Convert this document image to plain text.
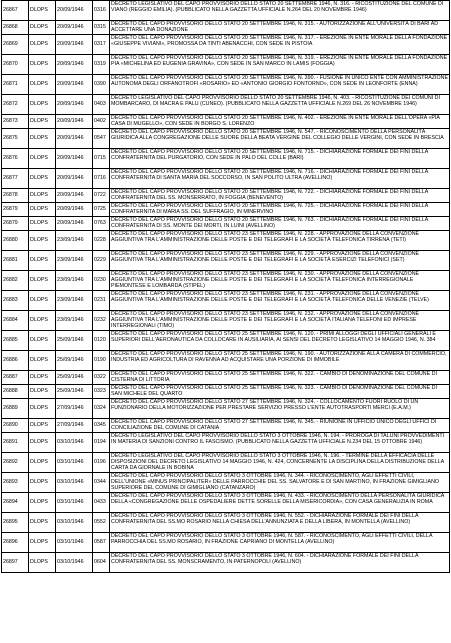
26867	DLOPS	20/09/1946	0316	DECRETO LEGISLATIVO DEL CAPO PROVVISORIO DELLO STATO 20 SETTEMBRE 1946, N. 316. - RICOSTITUZIONE DEL COMUNE DI VIANO (REGGIO EMILIA). (PUBBLICATO NELLA GAZZETTA UFFICIALE N.264 DEL 20 NOVEMBRE 1946)
26868	DLOPS	20/09/1946	0315	DECRETO DEL CAPO PROVVISORIO DELLO STATO 20 SETTEMBRE 1946, N. 315. - AUTORIZZAZIONE ALL'UNIVERSITÀ DI BARI AD ACCETTARE UNA DONAZIONE
26869	DLOPS	20/09/1946	0317	DECRETO DEL CAPO PROVVISORIO DELLO STATO 20 SETTEMBRE 1946, N. 317. - EREZIONE IN ENTE MORALE DELLA FONDAZIONE «GIUSEPPE VIVIANI», PROMOSSA DA TINTI ABENACCHI, CON SEDE IN PISTOIA
26870	DLOPS	20/09/1946	0319	DECRETO DEL CAPO PROVVISORIO DELLO STATO 20 SETTEMBRE 1946, N. 319. - EREZIONE IN ENTE MORALE DELLA FONDAZIONE PIA «MICHELINA ED EUGENIA GRAVINA», CON SEDE IN SAN MARCO IN LAMIS (FOGGIA)
26871	DLOPS	20/09/1946	0390	DECRETO DEL CAPO PROVVISORIO DELLO STATO 20 SETTEMBRE 1946, N. 390. - FUSIONE IN UNICO ENTE CON AMMINISTRAZIONE AUTONOMA DEGLI ORFANOTROFI «ROSARIO» ED «ANTONIO GIORGIO FONTORNO», CON SEDE IN LEONFORTE (ENNA)
26872	DLOPS	20/09/1946	0403	DECRETO LEGISLATIVO DEL CAPO PROVVISORIO DELLO STATO 20 SETTEMBRE 1946, N. 403. - RICOSTITUZIONE DEI COMUNI DI MOMBARCARO, DI MACRA E PALU (CUNEO). (PUBBLICATO NELLA GAZZETTA UFFICIALE N.269 DEL 26 NOVEMBRE 1946)
26873	DLOPS	20/09/1946	0402	DECRETO DEL CAPO PROVVISORIO DELLO STATO 20 SETTEMBRE 1946, N. 402. - EREZIONE IN ENTE MORALE DELL'OPERA «PIA CASA DI MUGELLO», CON SEDE IN BORGO S. LORENZO
26875	DLOPS	20/09/1946	0547	DECRETO DEL CAPO PROVVISORIO DELLO STATO 20 SETTEMBRE 1946, N. 547. - RICONOSCIMENTO DELLA PERSONALITÀ GIURIDICA ALLA CONGREGAZIONE DELLE SUORE DELLA BEATA VERGINE DEL COLLEGIO DELLE VERGINI, CON SEDE IN BRESCIA
26876	DLOPS	20/09/1946	0715	DECRETO DEL CAPO PROVVISORIO DELLO STATO 20 SETTEMBRE 1946, N. 715. - DICHIARAZIONE FORMALE DEI FINI DELLA CONFRATERNITA DEL PURGATORIO, CON SEDE IN PALO DEL COLLE (BARI)
26877	DLOPS	20/09/1946	0716	DECRETO DEL CAPO PROVVISORIO DELLO STATO 20 SETTEMBRE 1946, N. 716. - DICHIARAZIONE FORMALE DEI FINI DELLA CONFRATERNITA DI SANTA MARIA DEL SOCCORSO, IN SAN POLITO ULTRA (AVELLINO)
26878	DLOPS	20/09/1946	0722	DECRETO DEL CAPO PROVVISORIO DELLO STATO 20 SETTEMBRE 1946, N. 722. - DICHIARAZIONE FORMALE DEI FINI DELLA CONFRATERNITA DEL SS. MONSERRATO, IN FOGGIA (BENEVENTO)
26879	DLOPS	20/09/1946	0725	DECRETO DEL CAPO PROVVISORIO DELLO STATO 20 SETTEMBRE 1946, N. 725. - DICHIARAZIONE FORMALE DEI FINI DELLA CONFRATERNITA DI MARIA SS. DEL SUFFRAGIO, IN MINERVINO
26879	DLOPS	20/09/1946	0763	DECRETO DEL CAPO PROVVISORIO DELLO STATO 20 SETTEMBRE 1946, N. 763. - DICHIARAZIONE FORMALE DEI FINI DELLA CONFRATERNITA DI SS. MONTE DEI MORTI, IN LUINI (AVELLINO)
26880	DLOPS	23/09/1946	0228	DECRETO DEL CAPO PROVVISORIO DELLO STATO 23 SETTEMBRE 1946, N. 228. - APPROVAZIONE DELLA CONVENZIONE AGGIUNTIVA TRA L'AMMINISTRAZIONE DELLE POSTE E DEI TELEGRAFI E LA SOCIETÀ TELEFONICA TIRRENA (TETI)
26881	DLOPS	23/09/1946	0229	DECRETO DEL CAPO PROVVISORIO DELLO STATO 23 SETTEMBRE 1946, N. 229. - APPROVAZIONE DELLA CONVENZIONE AGGIUNTIVA TRA L'AMMINISTRAZIONE DELLE POSTE E DEI TELEGRAFI E LA SOCIETÀ ESERCIZI TELEFONICI (SET)
26882	DLOPS	23/09/1946	0230	DECRETO DEL CAPO PROVVISORIO DELLO STATO 23 SETTEMBRE 1946, N. 230. - APPROVAZIONE DELLA CONVENZIONE AGGIUNTIVA TRA L'AMMINISTRAZIONE DELLE POSTE E DEI TELEGRAFI E LA SOCIETÀ TELEFONICA INTERREGIONALE PIEMONTESE E LOMBARDA (STIPEL)
26883	DLOPS	23/09/1946	0231	DECRETO DEL CAPO PROVVISORIO DELLO STATO 23 SETTEMBRE 1946, N. 231. - APPROVAZIONE DELLA CONVENZIONE AGGIUNTIVA TRA L'AMMINISTRAZIONE DELLE POSTE E DEI TELEGRAFI E LA SOCIETÀ TELEFONICA DELLE VENEZIE (TELVE)
26884	DLOPS	23/09/1946	0232	DECRETO DEL CAPO PROVVISORIO DELLO STATO 23 SETTEMBRE 1946, N. 232. - APPROVAZIONE DELLA CONVENZIONE AGGIUNTIVA TRA L'AMMINISTRAZIONE DELLE POSTE E DEI TELEGRAFI E LA SOCIETÀ ITALIANA TELEFONI ED IMPRESE INTERREGIONALI (TIMO)
26885	DLOPS	25/09/1946	0120	DECRETO DEL CAPO PROVVISORIO DELLO STATO 25 SETTEMBRE 1946, N. 120. - PRIMI ALLOGGI DEGLI UFFICIALI GENERALI E SUPERIORI DELL'AERONAUTICA DA COLLOCARE IN AUSILIARIA, AI SENSI DEL DECRETO LEGISLATIVO 14 MAGGIO 1946, N. 384
26886	DLOPS	25/09/1946	0190	DECRETO DEL CAPO PROVVISORIO DELLO STATO 25 SETTEMBRE 1946, N. 190. - AUTORIZZAZIONE ALLA CAMERA DI COMMERCIO, INDUSTRIA ED AGRICOLTURA DI RAVENNA AD ACQUISTARE UNA PORZIONE DI IMMOBILE
26887	DLOPS	25/09/1946	0322	DECRETO DEL CAPO PROVVISORIO DELLO STATO 25 SETTEMBRE 1946, N. 322. - CAMBIO DI DENOMINAZIONE DEL COMUNE DI CISTERNA DI LITTORIA
26888	DLOPS	25/09/1946	0323	DECRETO DEL CAPO PROVVISORIO DELLO STATO 25 SETTEMBRE 1946, N. 323. - CAMBIO DI DENOMINAZIONE DEL COMUNE DI SAN MICHELE DEL QUARTO
26889	DLOPS	27/09/1946	0324	DECRETO DEL CAPO PROVVISORIO DELLO STATO 27 SETTEMBRE 1946, N. 324. - COLLOCAMENTO FUORI RUOLO DI UN FUNZIONARIO DELLA MOTORIZZAZIONE PER PRESTARE SERVIZIO PRESSO L'ENTE AUTOTRASPORTI MERCI (E.A.M.)
26890	DLOPS	27/09/1946	0345	DECRETO DEL CAPO PROVVISORIO DELLO STATO 27 SETTEMBRE 1946, N. 345. - RIUNIONE IN UFFICIO UNICO DEGLI UFFICI DI CONCILIAZIONE DEL COMUNE DI CATANIA
26891	DLOPS	03/10/1946	0194	DECRETO LEGISLATIVO DEL CAPO PROVVISORIO DELLO STATO 3 OTTOBRE 1946, N. 194. - PROROGA DI TALUNI PROVVEDIMENTI IN MATERIA DI SANZIONI CONTRO IL FASCISMO. (PUBBLICATO NELLA GAZZETTA UFFICIALE N.234 DEL 15 OTTOBRE 1946)
26892	DLOPS	03/10/1946	0196	DECRETO LEGISLATIVO DEL CAPO PROVVISORIO DELLO STATO 3 OTTOBRE 1946, N. 196. - TERMINE DELLA EFFICACIA DELLE DISPOSIZIONI DEL DECRETO LEGISLATIVO 14 MAGGIO 1946, N. 424, CONCERNENTE LA DISCIPLINA DELLA DISTRIBUZIONE DELLA CARTA DA GIORNALE IN BOBINA
26893	DLOPS	03/10/1946	0344	DECRETO DEL CAPO PROVVISORIO DELLO STATO 3 OTTOBRE 1946, N. 344. - RICONOSCIMENTO, AGLI EFFETTI CIVILI, DELL'UNIONE «MINUS PRINCIPALITER» DELLE PARROCCHIE DEL SS. SALVATORE E DI SAN MARTINO, IN FRAZIONE GIMIGLIANO SUPERIORE DEL COMUNE DI GIMIGLIANO (CATANZARO)
26894	DLOPS	03/10/1946	0433	DECRETO DEL CAPO PROVVISORIO DELLO STATO 3 OTTOBRE 1946, N. 433. - RICONOSCIMENTO DELLA PERSONALITÀ GIURIDICA DELLA «CONGREGAZIONE DELLE OSPEDALIERE DETTE SORELLE DELLA MISERICORDIA», CON CASA GENERALIZIA IN ROMA
26895	DLOPS	03/10/1946	0552	DECRETO DEL CAPO PROVVISORIO DELLO STATO 3 OTTOBRE 1946, N. 552. - DICHIARAZIONE FORMALE DEI FINI DELLA CONFRATERNITA DEL SS.MO ROSARIO NELLA CHIESA DELL'ANNUNZIATA E DELLA LIBERA, IN MONTELLA (AVELLINO)
26896	DLOPS	03/10/1946	0587	DECRETO DEL CAPO PROVVISORIO DELLO STATO 3 OTTOBRE 1946, N. 587. - RICONOSCIMENTO, AGLI EFFETTI CIVILI, DELLA PARROCCHIA DEL SS.MO ROSARIO, IN FRAZIONE CAPRIANO DI MONTELLA (AVELLINO)
26897	DLOPS	03/10/1946	0604	DECRETO DEL CAPO PROVVISORIO DELLO STATO 3 OTTOBRE 1946, N. 604. - DICHIARAZIONE FORMALE DEI FINI DELLA CONFRATERNITA DEL SS. MONSCRAMENTO, IN PATERNOPOLI (AVELLINO)
